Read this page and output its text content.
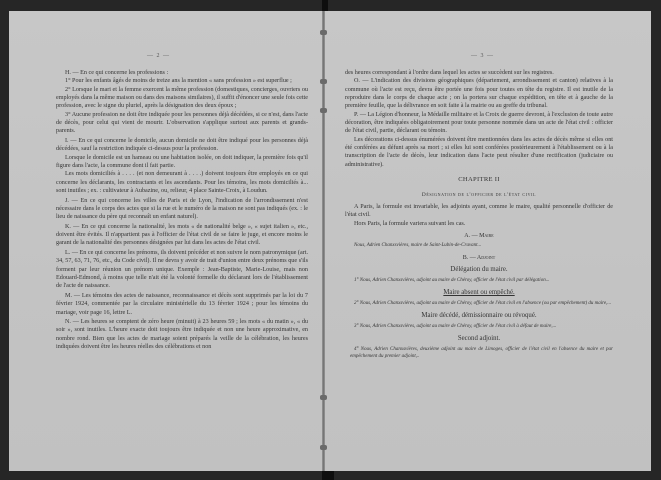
— 2 —

H. — En ce qui concerne les professions :

1° Pour les enfants âgés de moins de treize ans la mention « sans profession » est superflue ;

2° Lorsque le mari et la femme exercent la même profession (domestiques, concierges, ouvriers ou employés dans la même maison ou dans des maisons similaires), il suffit d'énoncer une seule fois cette profession, avec le signe du pluriel, après la désignation des deux époux ;

3° Aucune profession ne doit être indiquée pour les personnes déjà décédées, si ce n'est, dans l'acte de décès, pour celui qui vient de mourir. L'observation s'applique surtout aux parents et grands-parents.

I. — En ce qui concerne le domicile, aucun domicile ne doit être indiqué pour les personnes déjà décédées, sauf la restriction indiquée ci-dessus pour la profession.

Lorsque le domicile est un hameau ou une habitation isolée, on doit indiquer, la première fois qu'il figure dans l'acte, la commune dont il fait partie.

Les mots domiciliés à . . . . (et non demeurant à . . . .) doivent toujours être employés en ce qui concerne les déclarants, les contractants et les ascendants. Pour les témoins, les mots domiciliés à... sont inutiles ; ex. : cultivateur à Aubazine, ou, relieur, 4 place Sainte-Croix, à Loudun.

J. — En ce qui concerne les villes de Paris et de Lyon, l'indication de l'arrondissement n'est nécessaire dans le corps des actes que si la rue et le numéro de la maison ne sont pas indiqués (ex. : le lieu de naissance du père qui reconnaît un enfant naturel).

K. — En ce qui concerne la nationalité, les mots « de nationalité belge », « sujet italien », etc., doivent être évités. Il n'appartient pas à l'officier de l'état civil de se faire le juge, et encore moins le garant de la nationalité des personnes désignées par lui dans les actes de l'état civil.

L. — En ce qui concerne les prénoms, ils doivent précéder et non suivre le nom patronymique (art. 34, 57, 63, 71, 76, etc., du Code civil). Il ne devra y avoir de trait d'union entre deux prénoms que s'ils forment par leur réunion un prénom unique. Exemple : Jean-Baptiste, Marie-Louise, mais non Edouard-Edmond, à moins que telle n'ait été la volonté formelle du déclarant lors de l'établissement de l'acte de naissance.

M. — Les témoins des actes de naissance, reconnaissance et décès sont supprimés par la loi du 7 février 1924, commentée par la circulaire ministérielle du 13 février 1924 ; pour les témoins du mariage, voir page 16, lettre L.

N. — Les heures se comptent de zéro heure (minuit) à 23 heures 59 ; les mots « du matin », « du soir », sont inutiles. L'heure exacte doit toujours être indiquée et non une heure approximative, en nombre rond. Bien que les actes de mariage soient préparés la veille de la célébration, les heures indiquées doivent être les heures réelles des célébrations et non

— 3 —

des heures correspondant à l'ordre dans lequel les actes se succèdent sur les registres.

O. — L'indication des divisions géographiques (département, arrondissement et canton) relatives à la commune où l'acte est reçu, devra être portée une fois pour toutes en tête du registre. Il est inutile de la reproduire dans le corps de chaque acte ; on la portera sur chaque expédition, en tête et à gauche de la première feuille, que la délivrance en soit faite à la mairie ou au greffe du tribunal.

P. — La Légion d'honneur, la Médaille militaire et la Croix de guerre devront, à l'exclusion de toute autre décoration, être indiquées obligatoirement pour toute personne nommée dans un acte de l'état civil : officier de l'état civil, partie, déclarant ou témoin.

Les décorations ci-dessus énumérées doivent être mentionnées dans les actes de décès même si elles ont été conférées au défunt après sa mort ; si elles lui sont conférées postérieurement à l'établissement ou à la transcription de l'acte de décès, leur indication dans l'acte peut résulter d'une rectification (judiciaire ou administrative).

CHAPITRE II

Désignation de l'officier de l'état civil

A Paris, la formule est invariable, les adjoints ayant, comme le maire, qualité personnelle d'officier de l'état civil.

Hors Paris, la formule variera suivant les cas.

A. — Maire

Nous, Adrien Chanxsvières, maire de Saint-Lubin-de-Cravant...

B. — Adjoint

Délégation du maire.

1° Nous, Adrien Chanxsvières, adjoint au maire de Chéroy, officier de l'état civil par délégation...

Maire absent ou empêché.

2° Nous, Adrien Chanxsvières, adjoint au maire de Chéroy, officier de l'état civil en l'absence (ou par empêchement) du maire,...

Maire décédé, démissionnaire ou révoqué.

3° Nous, Adrien Chanxsvières, adjoint au maire de Chéroy, officier de l'état civil à défaut de maire,...

Second adjoint.

4° Nous, Adrien Chanxsvières, deuxième adjoint au maire de Limoges, officier de l'état civil en l'absence du maire et par empêchement du premier adjoint,..
